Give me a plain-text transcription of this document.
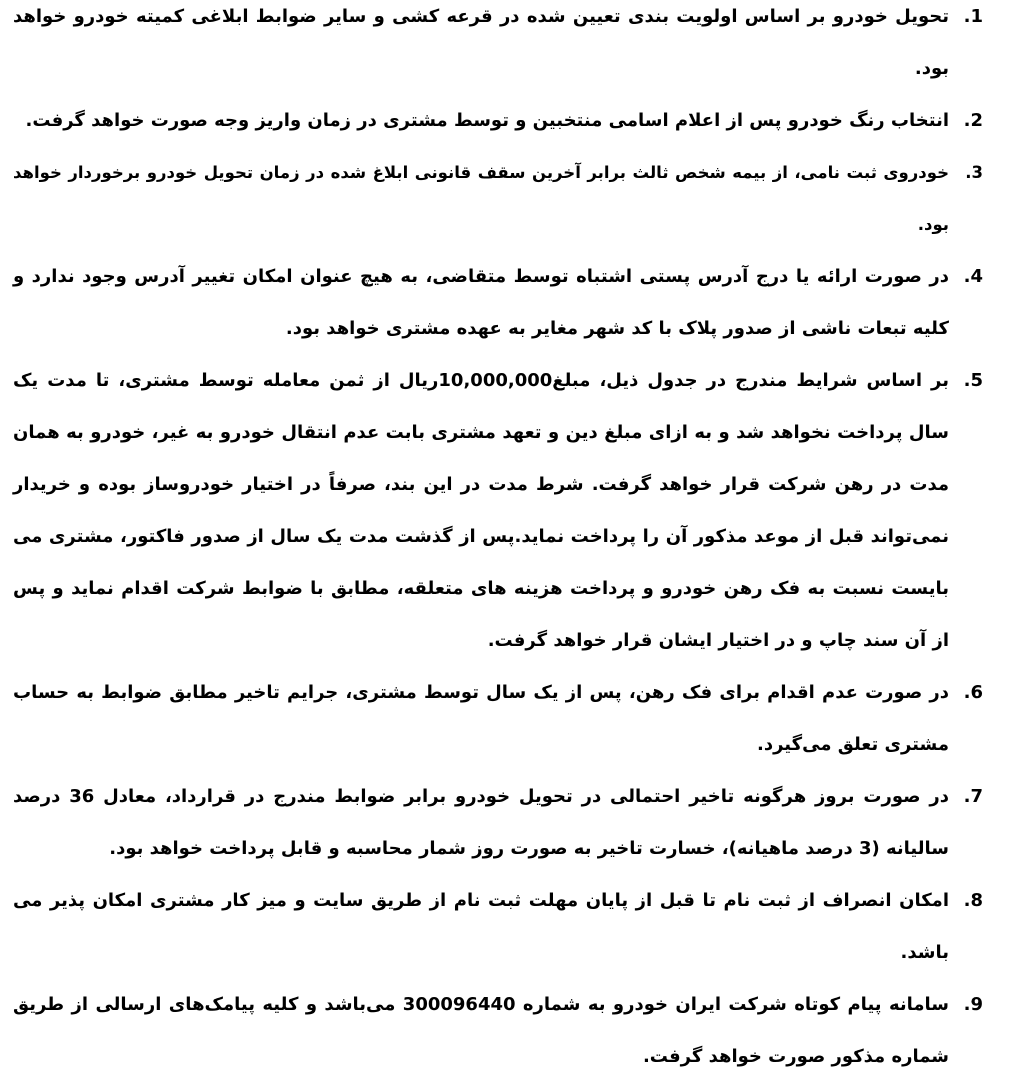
1.

تحویل خودرو بر اساس اولویت بندی تعیین شده در قرعه کشی و سایر ضوابط ابلاغی کمیته خودرو خواهد بود.

2.

انتخاب رنگ خودرو پس از اعلام اسامی منتخبین و توسط مشتری در زمان واریز وجه صورت خواهد گرفت.

3.

خودروی ثبت نامی، از بیمه شخص ثالث برابر آخرین سقف قانونی ابلاغ شده در زمان تحویل خودرو برخوردار خواهد بود.

4.

در صورت ارائه یا درج آدرس پستی اشتباه توسط متقاضی، به هیچ عنوان امکان تغییر آدرس وجود ندارد و کلیه تبعات ناشی از صدور پلاک با کد شهر مغایر به عهده مشتری خواهد بود.

5.

بر اساس شرایط مندرج در جدول ذیل، مبلغ10,000,000ریال از ثمن معامله توسط مشتری، تا مدت یک سال پرداخت نخواهد شد و به ازای مبلغ دین و تعهد مشتری بابت عدم انتقال خودرو به غیر، خودرو به همان مدت در رهن شرکت قرار خواهد گرفت. شرط مدت در این بند، صرفاً در اختیار خودروساز بوده و خریدار نمی‌تواند قبل از موعد مذکور آن را پرداخت نماید.پس از گذشت مدت یک سال از صدور فاکتور، مشتری می بایست نسبت به فک رهن خودرو و پرداخت هزینه های متعلقه، مطابق با ضوابط شرکت اقدام نماید و پس از آن سند چاپ و در اختیار ایشان قرار خواهد گرفت.

6.

در صورت عدم اقدام برای فک رهن، پس از یک سال توسط مشتری، جرایم تاخیر مطابق ضوابط به حساب مشتری تعلق می‌گیرد.

7.

در صورت بروز هرگونه تاخیر احتمالی در تحویل خودرو برابر ضوابط مندرج در قرارداد، معادل 36 درصد سالیانه (3 درصد ماهیانه)، خسارت تاخیر به صورت روز شمار محاسبه و قابل پرداخت خواهد بود.

8.

امکان انصراف از ثبت نام تا قبل از پایان مهلت ثبت نام از طریق سایت و میز کار مشتری امکان پذیر می باشد.

9.

سامانه پیام کوتاه شرکت ایران خودرو به شماره 300096440 می‌باشد و کلیه پیامک‌های ارسالی از طریق شماره مذکور صورت خواهد گرفت.
